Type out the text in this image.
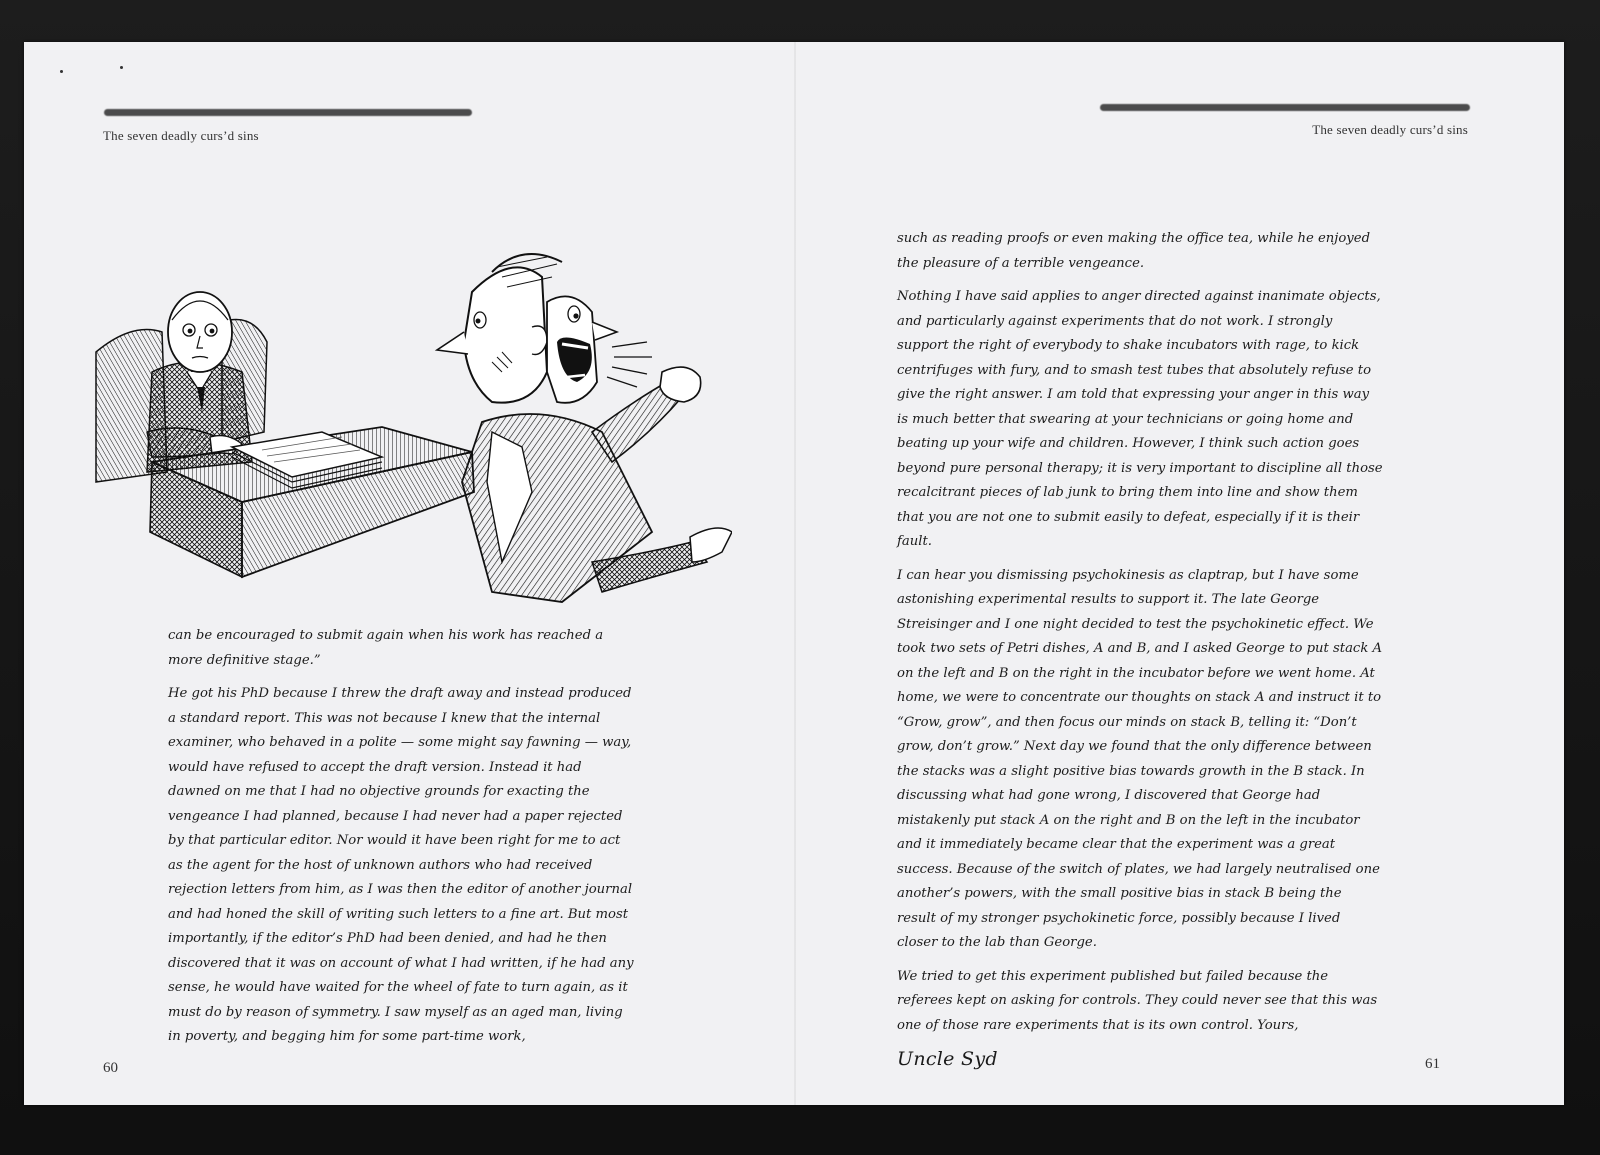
The seven deadly curs’d sins

can be encouraged to submit again when his work has reached a more definitive stage.”

He got his PhD because I threw the draft away and instead produced a standard report. This was not because I knew that the internal examiner, who behaved in a polite — some might say fawning — way, would have refused to accept the draft version. Instead it had dawned on me that I had no objective grounds for exacting the vengeance I had planned, because I had never had a paper rejected by that particular editor. Nor would it have been right for me to act as the agent for the host of unknown authors who had received rejection letters from him, as I was then the editor of another journal and had honed the skill of writing such letters to a fine art. But most importantly, if the editor’s PhD had been denied, and had he then discovered that it was on account of what I had written, if he had any sense, he would have waited for the wheel of fate to turn again, as it must do by reason of symmetry. I saw myself as an aged man, living in poverty, and begging him for some part-time work,

60
The seven deadly curs’d sins

such as reading proofs or even making the office tea, while he enjoyed the pleasure of a terrible vengeance.

Nothing I have said applies to anger directed against inanimate objects, and particularly against experiments that do not work. I strongly support the right of everybody to shake incubators with rage, to kick centrifuges with fury, and to smash test tubes that absolutely refuse to give the right answer. I am told that expressing your anger in this way is much better that swearing at your technicians or going home and beating up your wife and children. However, I think such action goes beyond pure personal therapy; it is very important to discipline all those recalcitrant pieces of lab junk to bring them into line and show them that you are not one to submit easily to defeat, especially if it is their fault.

I can hear you dismissing psychokinesis as claptrap, but I have some astonishing experimental results to support it. The late George Streisinger and I one night decided to test the psychokinetic effect. We took two sets of Petri dishes, A and B, and I asked George to put stack A on the left and B on the right in the incubator before we went home. At home, we were to concentrate our thoughts on stack A and instruct it to “Grow, grow”, and then focus our minds on stack B, telling it: “Don’t grow, don’t grow.” Next day we found that the only difference between the stacks was a slight positive bias towards growth in the B stack. In discussing what had gone wrong, I discovered that George had mistakenly put stack A on the right and B on the left in the incubator and it immediately became clear that the experiment was a great success. Because of the switch of plates, we had largely neutralised one another’s powers, with the small positive bias in stack B being the result of my stronger psychokinetic force, possibly because I lived closer to the lab than George.

We tried to get this experiment published but failed because the referees kept on asking for controls. They could never see that this was one of those rare experiments that is its own control. Yours,

Uncle Syd	61
